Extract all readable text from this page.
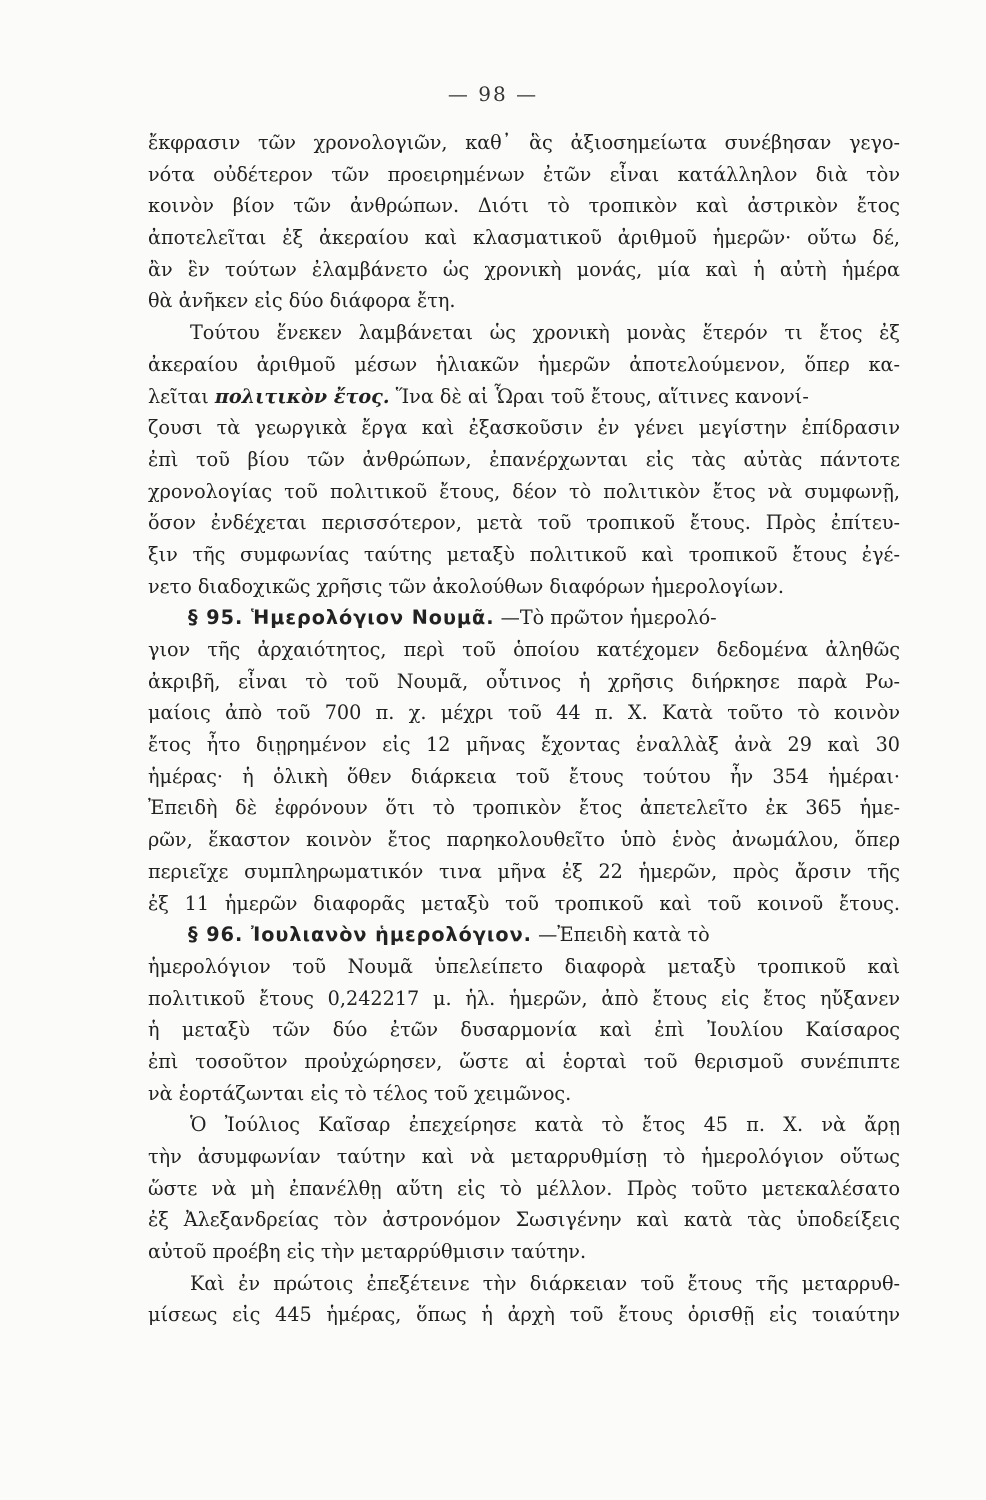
— 98 —
ἔκφρασιν τῶν χρονολογιῶν, καθ᾽ ἃς ἀξιοσημείωτα συνέβησαν γεγο-
νότα οὐδέτερον τῶν προειρημένων ἐτῶν εἶναι κατάλληλον διὰ τὸν
κοινὸν βίον τῶν ἀνθρώπων. Διότι τὸ τροπικὸν καὶ ἀστρικὸν ἔτος
ἀποτελεῖται ἐξ ἀκεραίου καὶ κλασματικοῦ ἀριθμοῦ ἡμερῶν· οὕτω δέ,
ἂν ἓν τούτων ἐλαμβάνετο ὡς χρονικὴ μονάς, μία καὶ ἡ αὐτὴ ἡμέρα
θὰ ἀνῆκεν εἰς δύο διάφορα ἔτη.
Τούτου ἕνεκεν λαμβάνεται ὡς χρονικὴ μονὰς ἕτερόν τι ἔτος ἐξ
ἀκεραίου ἀριθμοῦ μέσων ἡλιακῶν ἡμερῶν ἀποτελούμενον, ὅπερ κα-
λεῖται πολιτικὸν ἔτος. Ἵνα δὲ αἱ Ὧραι τοῦ ἔτους, αἵτινες κανονί-
ζουσι τὰ γεωργικὰ ἔργα καὶ ἐξασκοῦσιν ἐν γένει μεγίστην ἐπίδρασιν
ἐπὶ τοῦ βίου τῶν ἀνθρώπων, ἐπανέρχωνται εἰς τὰς αὐτὰς πάντοτε
χρονολογίας τοῦ πολιτικοῦ ἔτους, δέον τὸ πολιτικὸν ἔτος νὰ συμφωνῇ,
ὅσον ἐνδέχεται περισσότερον, μετὰ τοῦ τροπικοῦ ἔτους. Πρὸς ἐπίτευ-
ξιν τῆς συμφωνίας ταύτης μεταξὺ πολιτικοῦ καὶ τροπικοῦ ἔτους ἐγέ-
νετο διαδοχικῶς χρῆσις τῶν ἀκολούθων διαφόρων ἡμερολογίων.
§ 95. Ἡμερολόγιον Νουμᾶ. —Τὸ πρῶτον ἡμερολό-
γιον τῆς ἀρχαιότητος, περὶ τοῦ ὁποίου κατέχομεν δεδομένα ἀληθῶς
ἀκριβῆ, εἶναι τὸ τοῦ Νουμᾶ, οὗτινος ἡ χρῆσις διήρκησε παρὰ Ρω-
μαίοις ἀπὸ τοῦ 700 π. χ. μέχρι τοῦ 44 π. Χ. Κατὰ τοῦτο τὸ κοινὸν
ἔτος ἦτο διῃρημένον εἰς 12 μῆνας ἔχοντας ἐναλλὰξ ἀνὰ 29 καὶ 30
ἡμέρας· ἡ ὁλικὴ ὅθεν διάρκεια τοῦ ἔτους τούτου ἦν 354 ἡμέραι·
Ἐπειδὴ δὲ ἐφρόνουν ὅτι τὸ τροπικὸν ἔτος ἀπετελεῖτο ἐκ 365 ἡμε-
ρῶν, ἕκαστον κοινὸν ἔτος παρηκολουθεῖτο ὑπὸ ἑνὸς ἀνωμάλου, ὅπερ
περιεῖχε συμπληρωματικόν τινα μῆνα ἐξ 22 ἡμερῶν, πρὸς ἄρσιν τῆς
ἐξ 11 ἡμερῶν διαφορᾶς μεταξὺ τοῦ τροπικοῦ καὶ τοῦ κοινοῦ ἔτους.
§ 96. Ἰουλιανὸν ἡμερολόγιον. —Ἐπειδὴ κατὰ τὸ
ἡμερολόγιον τοῦ Νουμᾶ ὑπελείπετο διαφορὰ μεταξὺ τροπικοῦ καὶ
πολιτικοῦ ἔτους 0,242217 μ. ἡλ. ἡμερῶν, ἀπὸ ἔτους εἰς ἔτος ηὔξανεν
ἡ μεταξὺ τῶν δύο ἐτῶν δυσαρμονία καὶ ἐπὶ Ἰουλίου Καίσαρος
ἐπὶ τοσοῦτον προὐχώρησεν, ὥστε αἱ ἑορταὶ τοῦ θερισμοῦ συνέπιπτε
νὰ ἑορτάζωνται εἰς τὸ τέλος τοῦ χειμῶνος.
Ὁ Ἰούλιος Καῖσαρ ἐπεχείρησε κατὰ τὸ ἔτος 45 π. Χ. νὰ ἄρῃ
τὴν ἀσυμφωνίαν ταύτην καὶ νὰ μεταρρυθμίσῃ τὸ ἡμερολόγιον οὕτως
ὥστε νὰ μὴ ἐπανέλθῃ αὕτη εἰς τὸ μέλλον. Πρὸς τοῦτο μετεκαλέσατο
ἐξ Ἀλεξανδρείας τὸν ἀστρονόμον Σωσιγένην καὶ κατὰ τὰς ὑποδείξεις
αὐτοῦ προέβη εἰς τὴν μεταρρύθμισιν ταύτην.
Καὶ ἐν πρώτοις ἐπεξέτεινε τὴν διάρκειαν τοῦ ἔτους τῆς μεταρρυθ-
μίσεως εἰς 445 ἡμέρας, ὅπως ἡ ἀρχὴ τοῦ ἔτους ὁρισθῇ εἰς τοιαύτην
